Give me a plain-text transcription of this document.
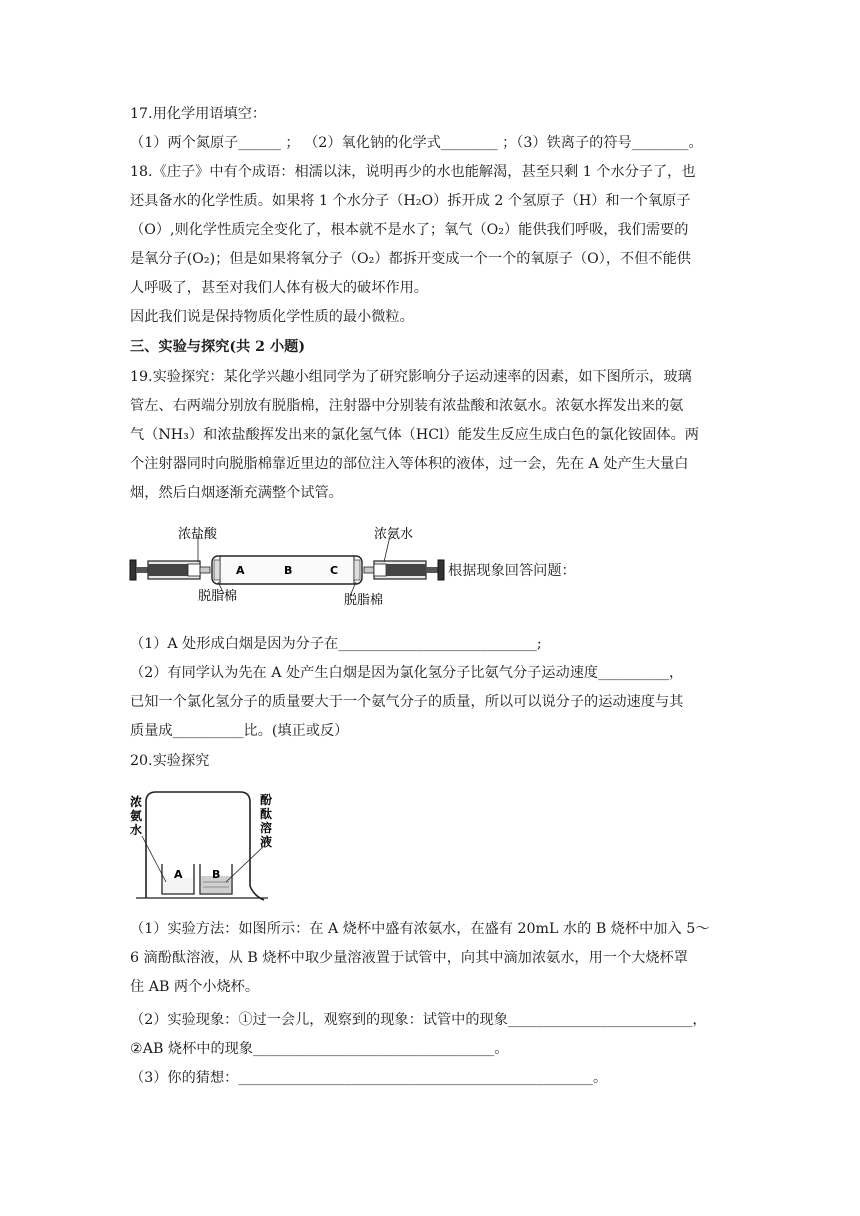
17.用化学用语填空：
（1）两个氮原子______ ； （2）氧化钠的化学式________ ；（3）铁离子的符号________。
18.《庄子》中有个成语：相濡以沫，说明再少的水也能解渴，甚至只剩 1 个水分子了，也
还具备水的化学性质。如果将 1 个水分子（H₂O）拆开成 2 个氢原子（H）和一个氧原子
（O）,则化学性质完全变化了，根本就不是水了；氧气（O₂）能供我们呼吸，我们需要的
是氧分子(O₂)；但是如果将氧分子（O₂）都拆开变成一个一个的氧原子（O），不但不能供
人呼吸了，甚至对我们人体有极大的破坏作用。
因此我们说是保持物质化学性质的最小微粒。
三、实验与探究(共 2 小题)
19.实验探究：某化学兴趣小组同学为了研究影响分子运动速率的因素，如下图所示，玻璃
管左、右两端分别放有脱脂棉，注射器中分别装有浓盐酸和浓氨水。浓氨水挥发出来的氨
气（NH₃）和浓盐酸挥发出来的氯化氢气体（HCl）能发生反应生成白色的氯化铵固体。两
个注射器同时向脱脂棉靠近里边的部位注入等体积的液体，过一会，先在 A 处产生大量白
烟，然后白烟逐渐充满整个试管。
浓盐酸	浓氨水
A	B	C
脱脂棉	脱脂棉
根据现象回答问题：
（1）A 处形成白烟是因为分子在____________________________;
（2）有同学认为先在 A 处产生白烟是因为氯化氢分子比氨气分子运动速度__________，
已知一个氯化氢分子的质量要大于一个氨气分子的质量，所以可以说分子的运动速度与其
质量成__________比。(填正或反）
20.实验探究
A	B
浓
氨
水
酚
酞
溶
液
（1）实验方法：如图所示：在 A 烧杯中盛有浓氨水，在盛有 20mL 水的 B 烧杯中加入 5～
6 滴酚酞溶液，从 B 烧杯中取少量溶液置于试管中，向其中滴加浓氨水，用一个大烧杯罩
住 AB 两个小烧杯。
（2）实验现象：①过一会儿，观察到的现象：试管中的现象__________________________，
②AB 烧杯中的现象__________________________________。
（3）你的猜想：__________________________________________________。
